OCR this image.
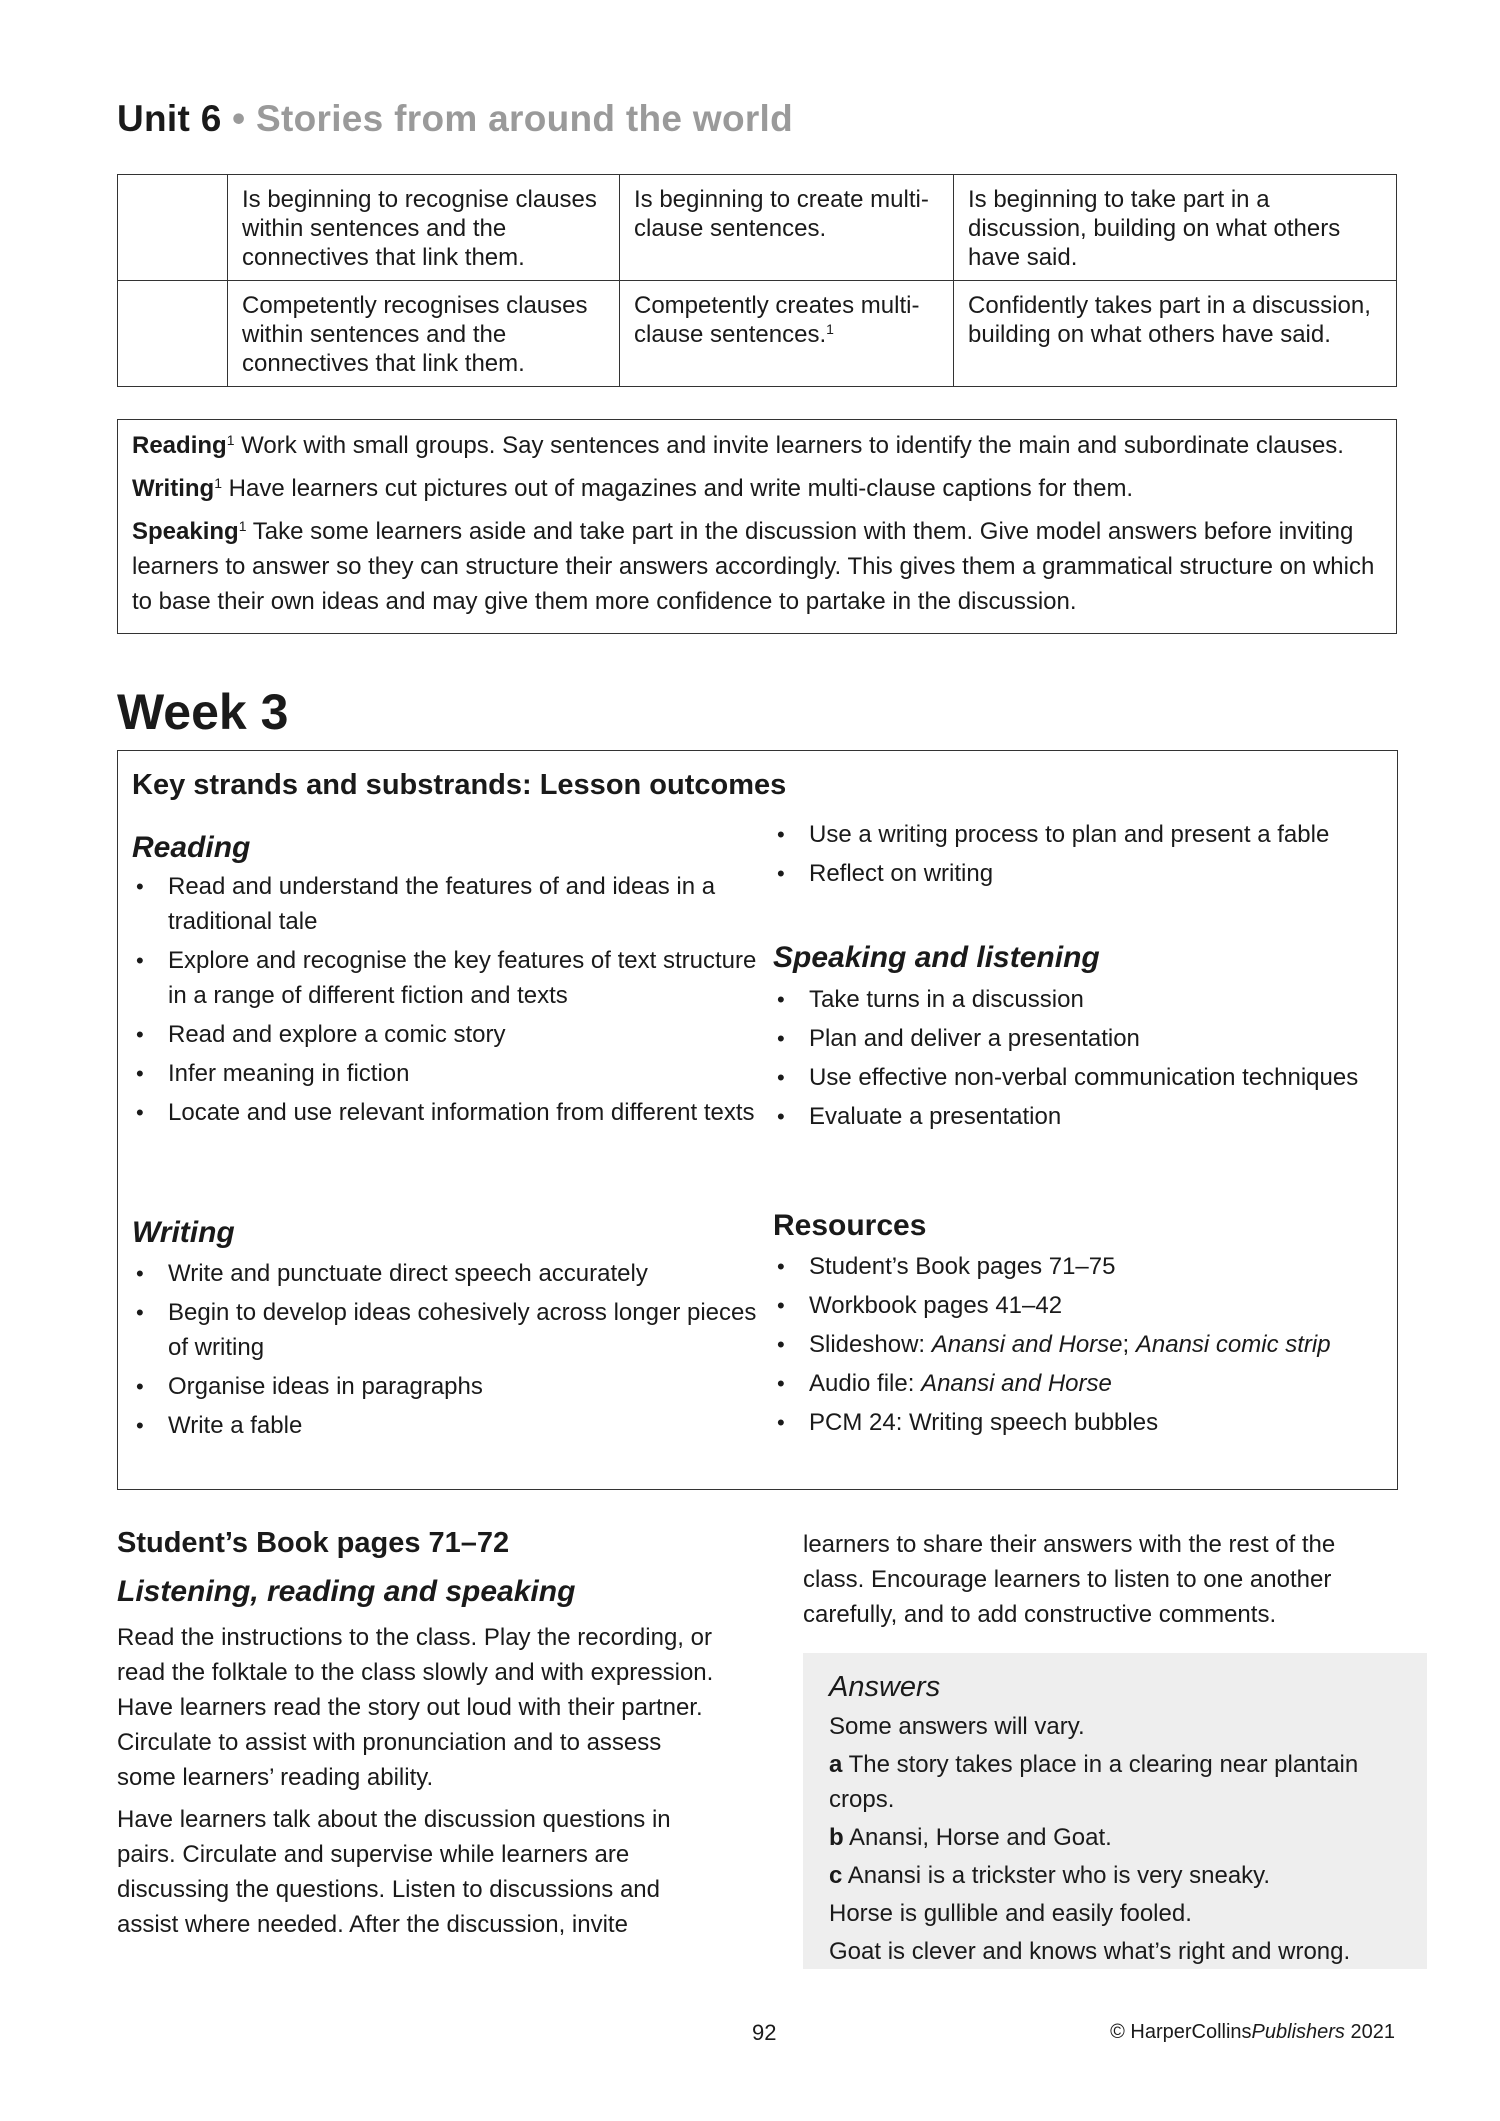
Unit 6 • Stories from around the world
	Is beginning to recognise clauses within sentences and the connectives that link them.	Is beginning to create multi-clause sentences.	Is beginning to take part in a discussion, building on what others have said.
	Competently recognises clauses within sentences and the connectives that link them.	Competently creates multi-clause sentences.$^1$	Confidently takes part in a discussion, building on what others have said.

Reading$^1$ Work with small groups. Say sentences and invite learners to identify the main and subordinate clauses.

Writing$^1$ Have learners cut pictures out of magazines and write multi-clause captions for them.

Speaking$^1$ Take some learners aside and take part in the discussion with them. Give model answers before inviting learners to answer so they can structure their answers accordingly. This gives them a grammatical structure on which to base their own ideas and may give them more confidence to partake in the discussion.

Week 3
Key strands and substrands: Lesson outcomes
Reading
• Read and understand the features of and ideas in a traditional tale
• Explore and recognise the key features of text structure in a range of different fiction and texts
• Read and explore a comic story
• Infer meaning in fiction
• Locate and use relevant information from different texts
Writing
• Write and punctuate direct speech accurately
• Begin to develop ideas cohesively across longer pieces of writing
• Organise ideas in paragraphs
• Write a fable
• Use a writing process to plan and present a fable
• Reflect on writing
Speaking and listening
• Take turns in a discussion
• Plan and deliver a presentation
• Use effective non-verbal communication techniques
• Evaluate a presentation
Resources
• Student’s Book pages 71–75
• Workbook pages 41–42
• Slideshow: Anansi and Horse; Anansi comic strip
• Audio file: Anansi and Horse
• PCM 24: Writing speech bubbles
Student’s Book pages 71–72
Listening, reading and speaking

Read the instructions to the class. Play the recording, or read the folktale to the class slowly and with expression. Have learners read the story out loud with their partner. Circulate to assist with pronunciation and to assess some learners’ reading ability.

Have learners talk about the discussion questions in pairs. Circulate and supervise while learners are discussing the questions. Listen to discussions and assist where needed. After the discussion, invite

learners to share their answers with the rest of the class. Encourage learners to listen to one another carefully, and to add constructive comments.

Answers

Some answers will vary.

a The story takes place in a clearing near plantain crops.

b Anansi, Horse and Goat.

c Anansi is a trickster who is very sneaky.

Horse is gullible and easily fooled.

Goat is clever and knows what’s right and wrong.

92	© HarperCollinsPublishers 2021
